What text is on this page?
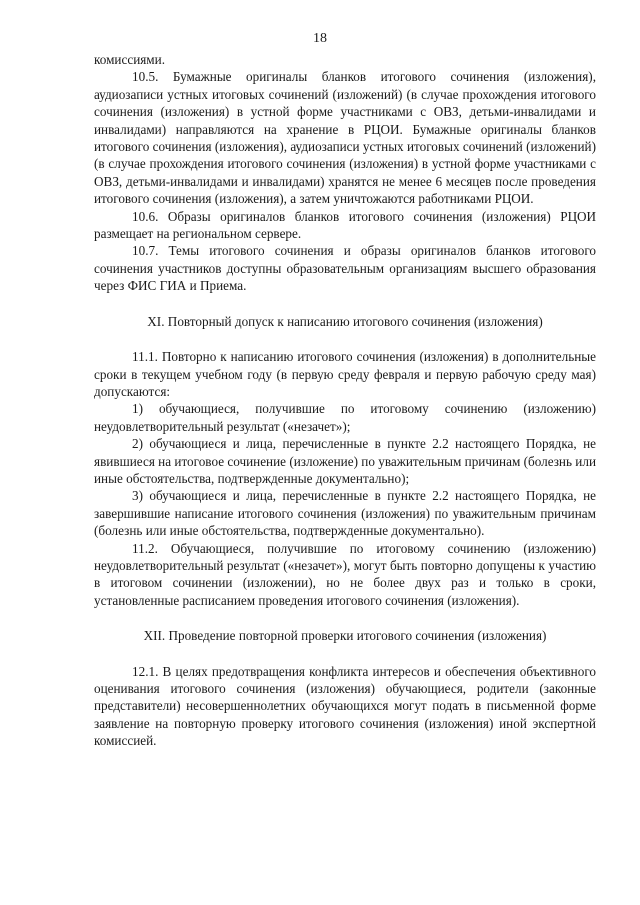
18

комиссиями.

10.5. Бумажные оригиналы бланков итогового сочинения (изложения), аудиозаписи устных итоговых сочинений (изложений) (в случае прохождения итогового сочинения (изложения) в устной форме участниками с ОВЗ, детьми-инвалидами и инвалидами) направляются на хранение в РЦОИ. Бумажные оригиналы бланков итогового сочинения (изложения), аудиозаписи устных итоговых сочинений (изложений) (в случае прохождения итогового сочинения (изложения) в устной форме участниками с ОВЗ, детьми-инвалидами и инвалидами) хранятся не менее 6 месяцев после проведения итогового сочинения (изложения), а затем уничтожаются работниками РЦОИ.

10.6. Образы оригиналов бланков итогового сочинения (изложения) РЦОИ размещает на региональном сервере.

10.7. Темы итогового сочинения и образы оригиналов бланков итогового сочинения участников доступны образовательным организациям высшего образования через ФИС ГИА и Приема.

XI. Повторный допуск к написанию итогового сочинения (изложения)

11.1. Повторно к написанию итогового сочинения (изложения) в дополнительные сроки в текущем учебном году (в первую среду февраля и первую рабочую среду мая) допускаются:

1) обучающиеся, получившие по итоговому сочинению (изложению) неудовлетворительный результат («незачет»);

2) обучающиеся и лица, перечисленные в пункте 2.2 настоящего Порядка, не явившиеся на итоговое сочинение (изложение) по уважительным причинам (болезнь или иные обстоятельства, подтвержденные документально);

3) обучающиеся и лица, перечисленные в пункте 2.2 настоящего Порядка, не завершившие написание итогового сочинения (изложения) по уважительным причинам (болезнь или иные обстоятельства, подтвержденные документально).

11.2. Обучающиеся, получившие по итоговому сочинению (изложению) неудовлетворительный результат («незачет»), могут быть повторно допущены к участию в итоговом сочинении (изложении), но не более двух раз и только в сроки, установленные расписанием проведения итогового сочинения (изложения).

XII. Проведение повторной проверки итогового сочинения (изложения)

12.1. В целях предотвращения конфликта интересов и обеспечения объективного оценивания итогового сочинения (изложения) обучающиеся, родители (законные представители) несовершеннолетних обучающихся могут подать в письменной форме заявление на повторную проверку итогового сочинения (изложения) иной экспертной комиссией.
